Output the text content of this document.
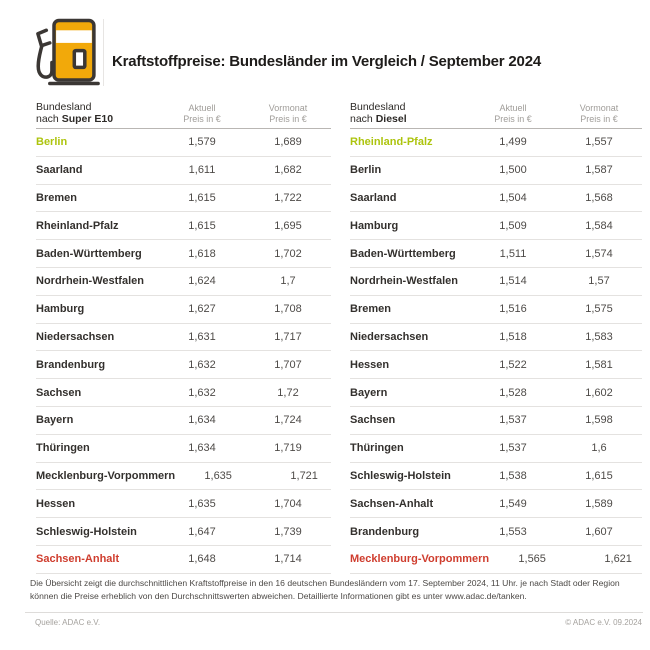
Kraftstoffpreise: Bundesländer im Vergleich / September 2024
Bundesland
nach Super E10
Aktuell
Preis in €
Vormonat
Preis in €
Berlin	1,579	1,689
Saarland	1,611	1,682
Bremen	1,615	1,722
Rheinland-Pfalz	1,615	1,695
Baden-Württemberg	1,618	1,702
Nordrhein-Westfalen	1,624	1,7
Hamburg	1,627	1,708
Niedersachsen	1,631	1,717
Brandenburg	1,632	1,707
Sachsen	1,632	1,72
Bayern	1,634	1,724
Thüringen	1,634	1,719
Mecklenburg-Vorpommern	1,635	1,721
Hessen	1,635	1,704
Schleswig-Holstein	1,647	1,739
Sachsen-Anhalt	1,648	1,714
Bundesland
nach Diesel
Aktuell
Preis in €
Vormonat
Preis in €
Rheinland-Pfalz	1,499	1,557
Berlin	1,500	1,587
Saarland	1,504	1,568
Hamburg	1,509	1,584
Baden-Württemberg	1,511	1,574
Nordrhein-Westfalen	1,514	1,57
Bremen	1,516	1,575
Niedersachsen	1,518	1,583
Hessen	1,522	1,581
Bayern	1,528	1,602
Sachsen	1,537	1,598
Thüringen	1,537	1,6
Schleswig-Holstein	1,538	1,615
Sachsen-Anhalt	1,549	1,589
Brandenburg	1,553	1,607
Mecklenburg-Vorpommern	1,565	1,621

Die Übersicht zeigt die durchschnittlichen Kraftstoffpreise in den 16 deutschen Bundesländern vom 17. September 2024, 11 Uhr. je nach Stadt oder Region können die Preise erheblich von den Durchschnittswerten abweichen. Detaillierte Informationen gibt es unter www.adac.de/tanken.

Quelle: ADAC e.V.	© ADAC e.V. 09.2024
